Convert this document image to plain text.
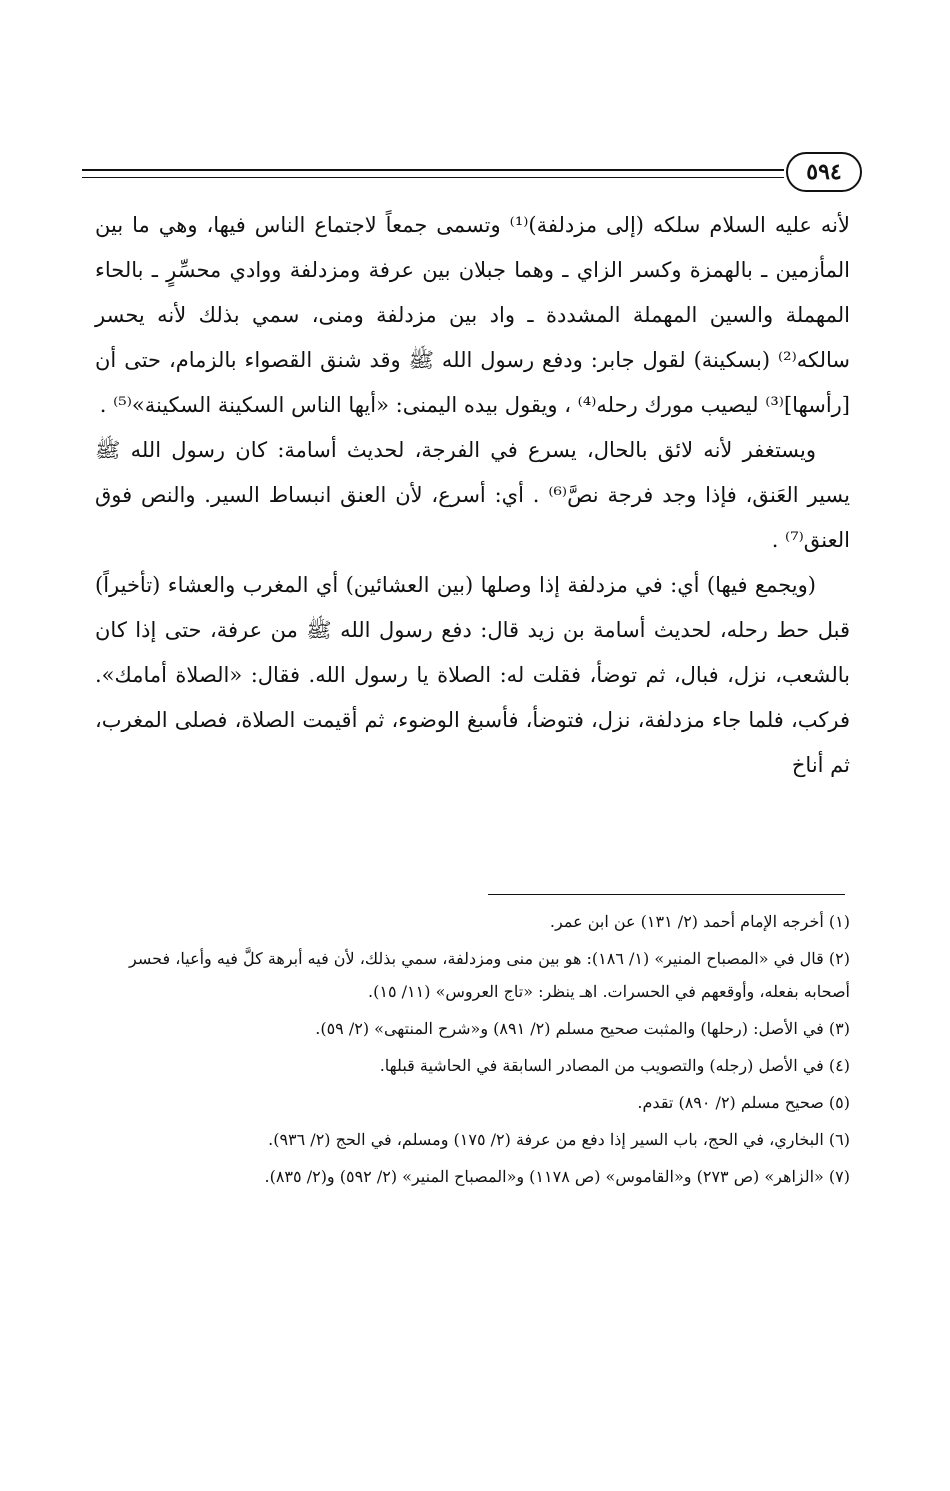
٥٩٤

لأنه عليه السلام سلكه (إلى مزدلفة)⁽¹⁾ وتسمى جمعاً لاجتماع الناس فيها، وهي ما بين المأزمين ـ بالهمزة وكسر الزاي ـ وهما جبلان بين عرفة ومزدلفة ووادي محسِّرٍ ـ بالحاء المهملة والسين المهملة المشددة ـ واد بين مزدلفة ومنى، سمي بذلك لأنه يحسر سالكه⁽²⁾ (بسكينة) لقول جابر: ودفع رسول الله ﷺ وقد شنق القصواء بالزمام، حتى أن [رأسها]⁽³⁾ ليصيب مورك رحله⁽⁴⁾ ، ويقول بيده اليمنى: «أيها الناس السكينة السكينة»⁽⁵⁾ .

ويستغفر لأنه لائق بالحال، يسرع في الفرجة، لحديث أسامة: كان رسول الله ﷺ يسير العَنق، فإذا وجد فرجة نصَّ⁽⁶⁾ . أي: أسرع، لأن العنق انبساط السير. والنص فوق العنق⁽⁷⁾ .

(ويجمع فيها) أي: في مزدلفة إذا وصلها (بين العشائين) أي المغرب والعشاء (تأخيراً) قبل حط رحله، لحديث أسامة بن زيد قال: دفع رسول الله ﷺ من عرفة، حتى إذا كان بالشعب، نزل، فبال، ثم توضأ، فقلت له: الصلاة يا رسول الله. فقال: «الصلاة أمامك». فركب، فلما جاء مزدلفة، نزل، فتوضأ، فأسبغ الوضوء، ثم أقيمت الصلاة، فصلى المغرب، ثم أناخ

(١) أخرجه الإمام أحمد (٢/ ١٣١) عن ابن عمر.

(٢) قال في «المصباح المنير» (١/ ١٨٦): هو بين منى ومزدلفة، سمي بذلك، لأن فيه أبرهة كلَّ فيه وأعيا، فحسر أصحابه بفعله، وأوقعهم في الحسرات. اهـ ينظر: «تاج العروس» (١١/ ١٥).

(٣) في الأصل: (رحلها) والمثبت صحيح مسلم (٢/ ٨٩١) و«شرح المنتهى» (٢/ ٥٩).

(٤) في الأصل (رجله) والتصويب من المصادر السابقة في الحاشية قبلها.

(٥) صحيح مسلم (٢/ ٨٩٠) تقدم.

(٦) البخاري، في الحج، باب السير إذا دفع من عرفة (٢/ ١٧٥) ومسلم، في الحج (٢/ ٩٣٦).

(٧) «الزاهر» (ص ٢٧٣) و«القاموس» (ص ١١٧٨) و«المصباح المنير» (٢/ ٥٩٢) و(٢/ ٨٣٥).
